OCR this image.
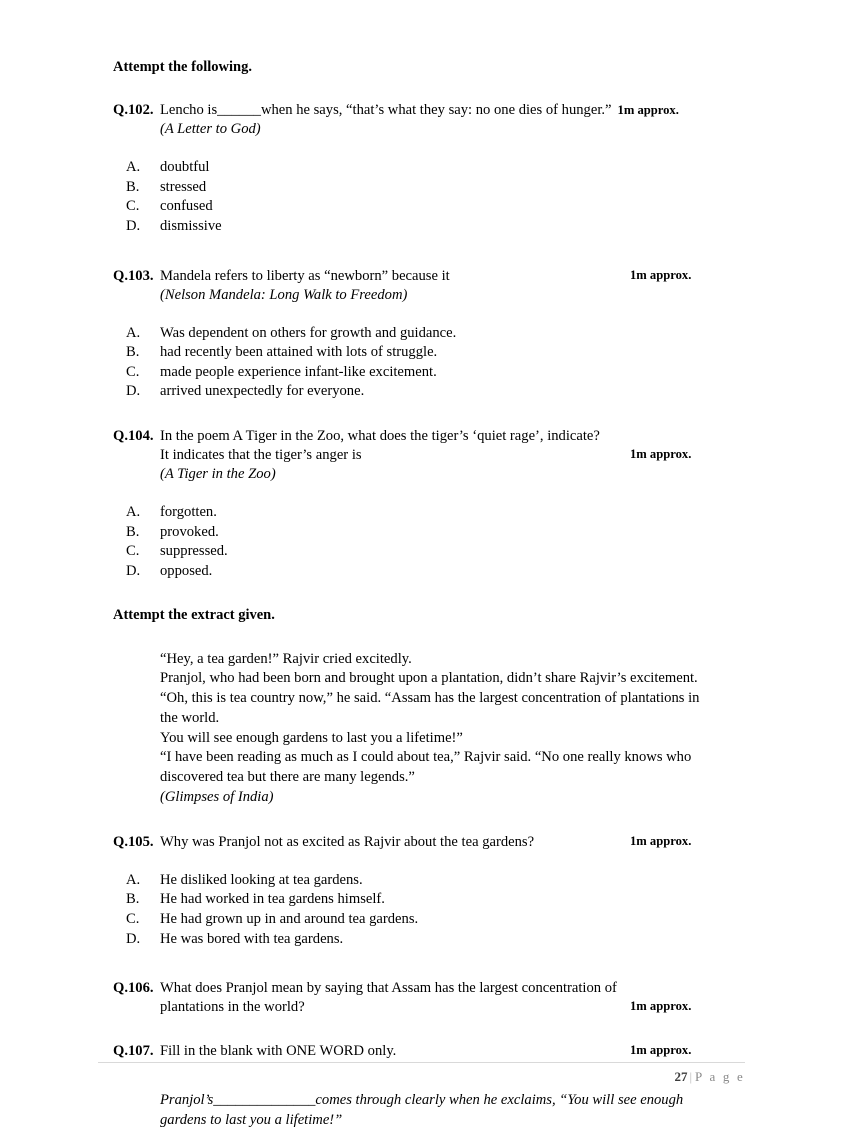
Attempt the following.
Q.102. Lencho is______when he says, “that’s what they say: no one dies of hunger.” 1m approx.
(A Letter to God)
A.	doubtful
B.	stressed
C.	confused
D.	dismissive
Q.103. Mandela refers to liberty as “newborn” because it	1m approx.
(Nelson Mandela: Long Walk to Freedom)
A.	Was dependent on others for growth and guidance.
B.	had recently been attained with lots of struggle.
C.	made people experience infant-like excitement.
D.	arrived unexpectedly for everyone.
Q.104. In the poem A Tiger in the Zoo, what does the tiger’s ‘quiet rage’, indicate?
It indicates that the tiger’s anger is	1m approx.
(A Tiger in the Zoo)
A.	forgotten.
B.	provoked.
C.	suppressed.
D.	opposed.
Attempt the extract given.

“Hey, a tea garden!” Rajvir cried excitedly.

Pranjol, who had been born and brought upon a plantation, didn’t share Rajvir’s excitement.

“Oh, this is tea country now,” he said. “Assam has the largest concentration of plantations in the world.

You will see enough gardens to last you a lifetime!”

“I have been reading as much as I could about tea,” Rajvir said. “No one really knows who discovered tea but there are many legends.”

(Glimpses of India)

Q.105. Why was Pranjol not as excited as Rajvir about the tea gardens?	1m approx.
A.	He disliked looking at tea gardens.
B.	He had worked in tea gardens himself.
C.	He had grown up in and around tea gardens.
D.	He was bored with tea gardens.
Q.106. What does Pranjol mean by saying that Assam has the largest concentration of
plantations in the world?	1m approx.
Q.107. Fill in the blank with ONE WORD only.	1m approx.

Pranjol’s______________comes through clearly when he exclaims, “You will see enough gardens to last you a lifetime!”

27 | P a g e
